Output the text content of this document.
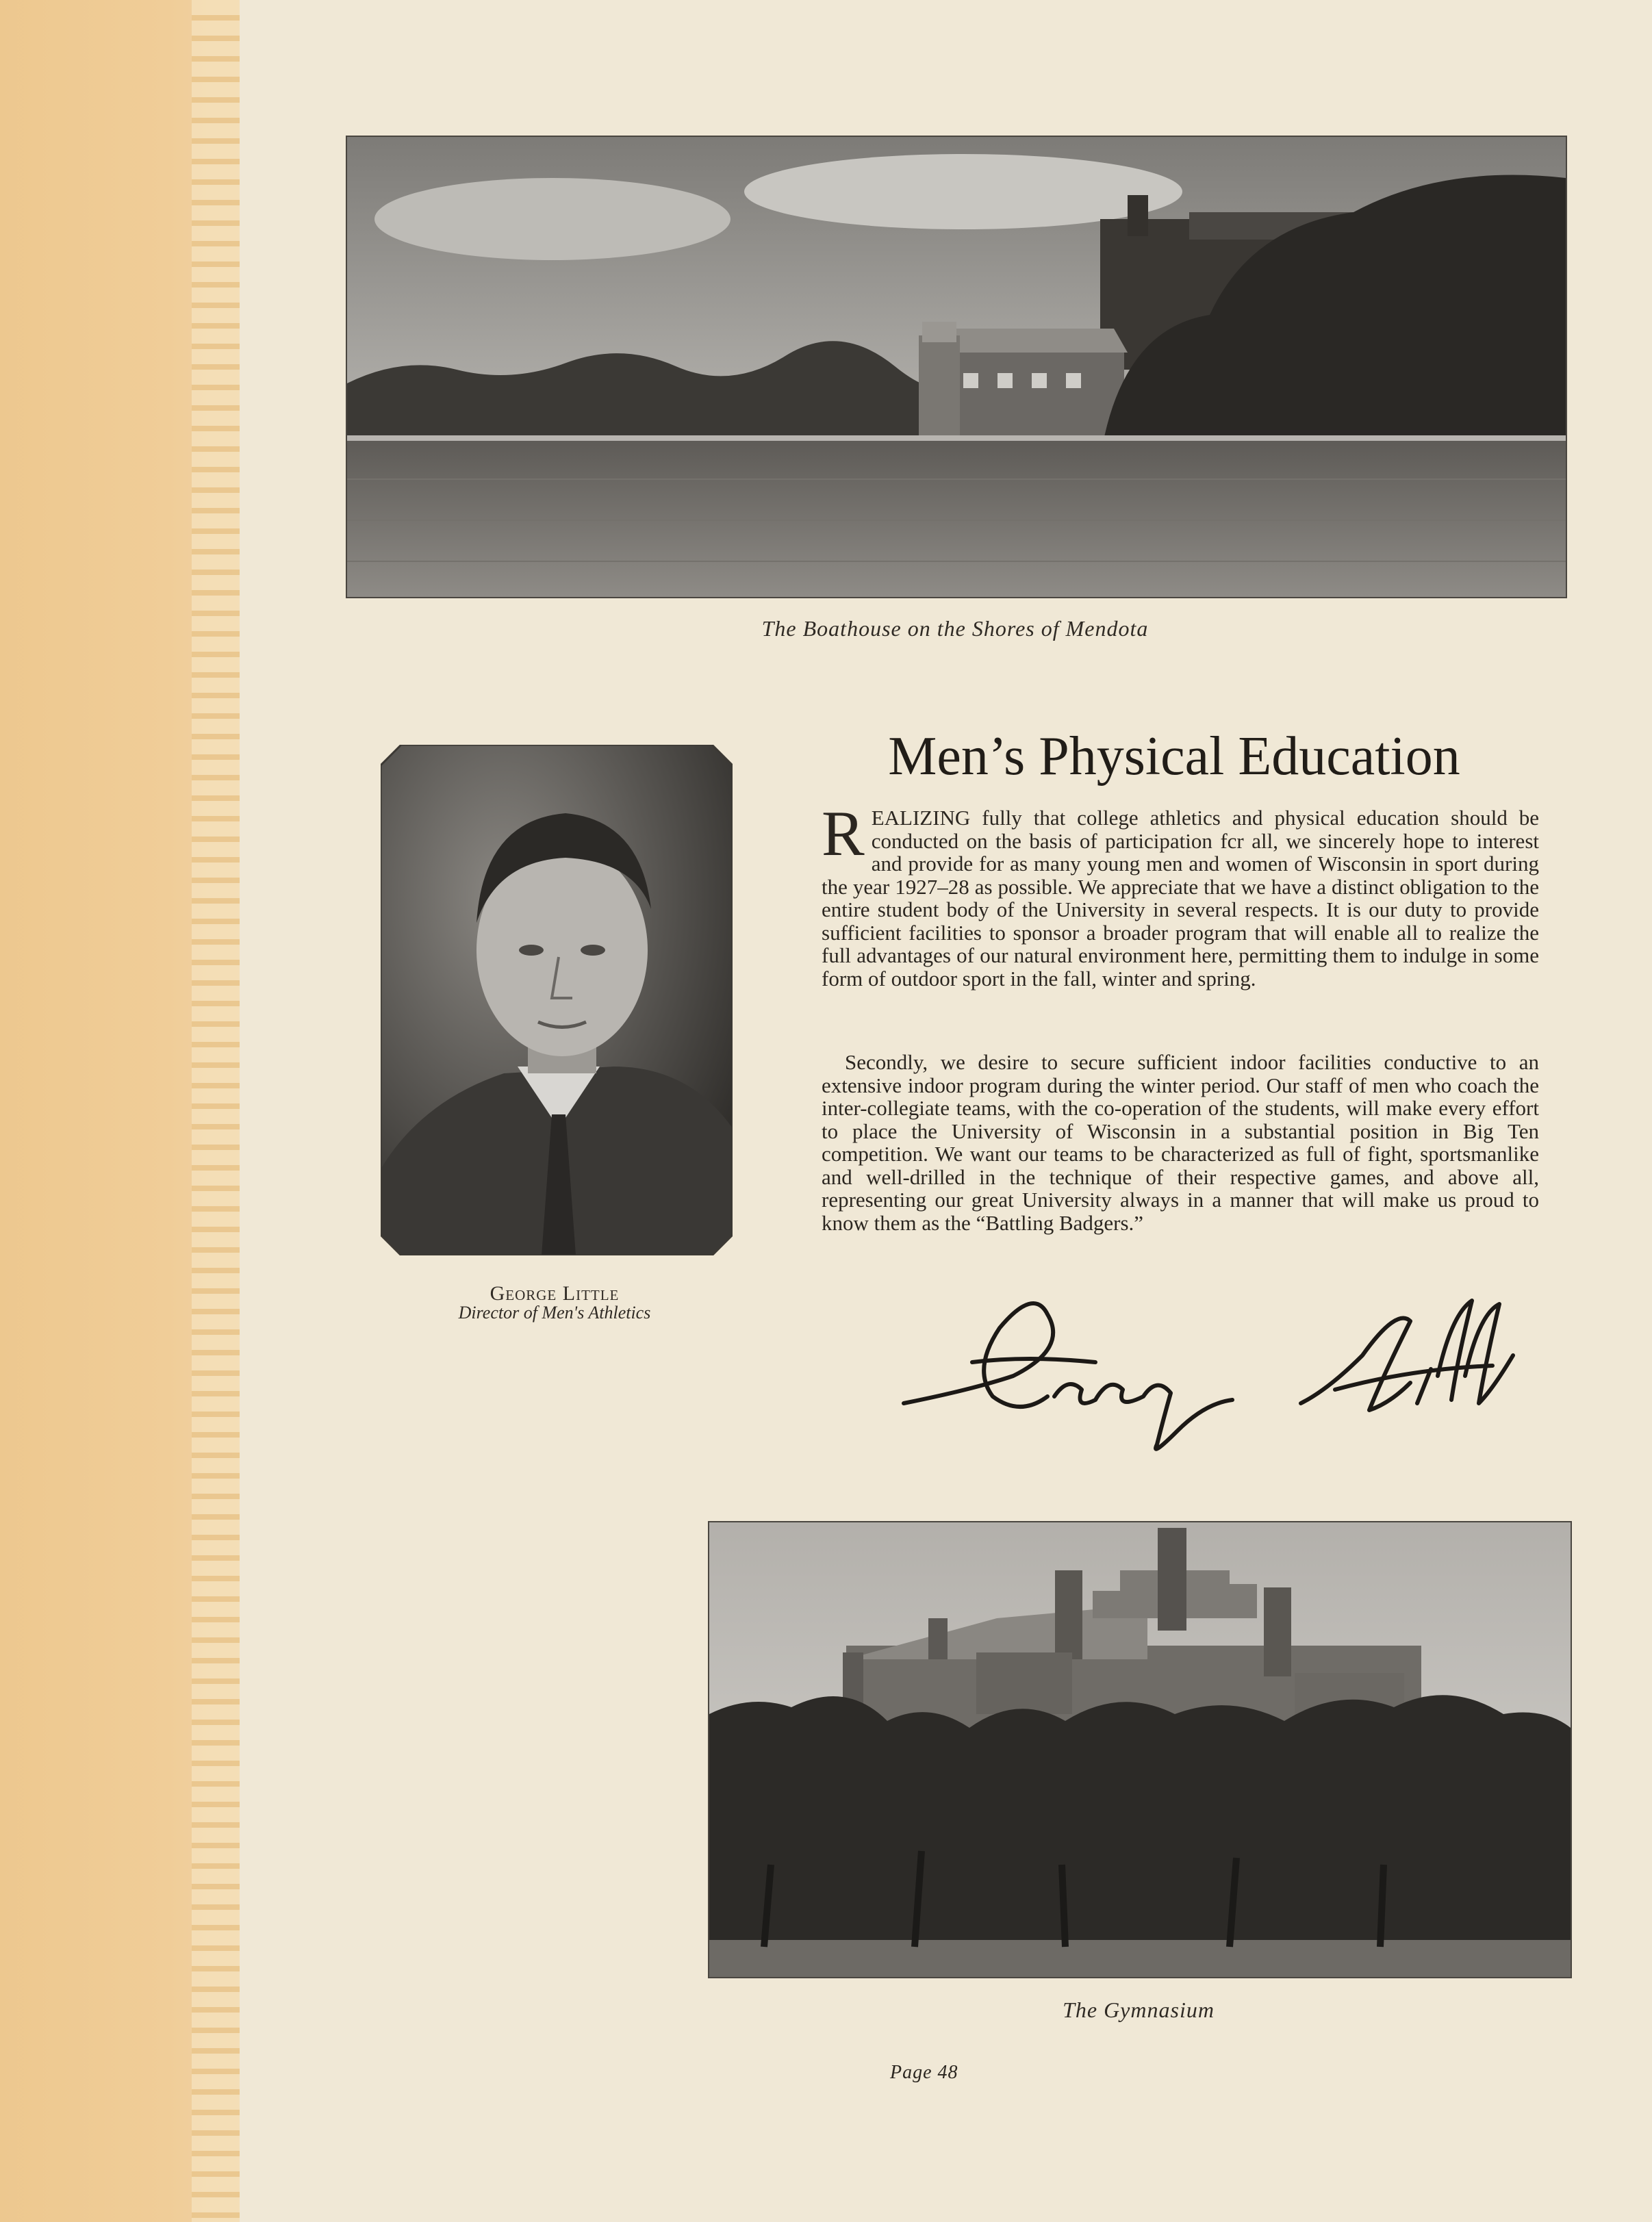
The Boathouse on the Shores of Mendota
George Little
Director of Men's Athletics
Men’s Physical Education

REALIZING fully that college athletics and physical education should be conducted on the basis of participation fcr all, we sincerely hope to interest and provide for as many young men and women of Wisconsin in sport during the year 1927–28 as possible. We appreciate that we have a distinct obligation to the entire student body of the University in several respects. It is our duty to provide sufficient facilities to sponsor a broader program that will enable all to realize the full advantages of our natural environment here, permitting them to indulge in some form of outdoor sport in the fall, winter and spring.

Secondly, we desire to secure sufficient indoor facilities conductive to an extensive indoor program during the winter period. Our staff of men who coach the inter-collegiate teams, with the co-operation of the students, will make every effort to place the University of Wisconsin in a substantial position in Big Ten competition. We want our teams to be characterized as full of fight, sportsmanlike and well-drilled in the technique of their respective games, and above all, representing our great University always in a manner that will make us proud to know them as the “Battling Badgers.”

The Gymnasium
Page 48
